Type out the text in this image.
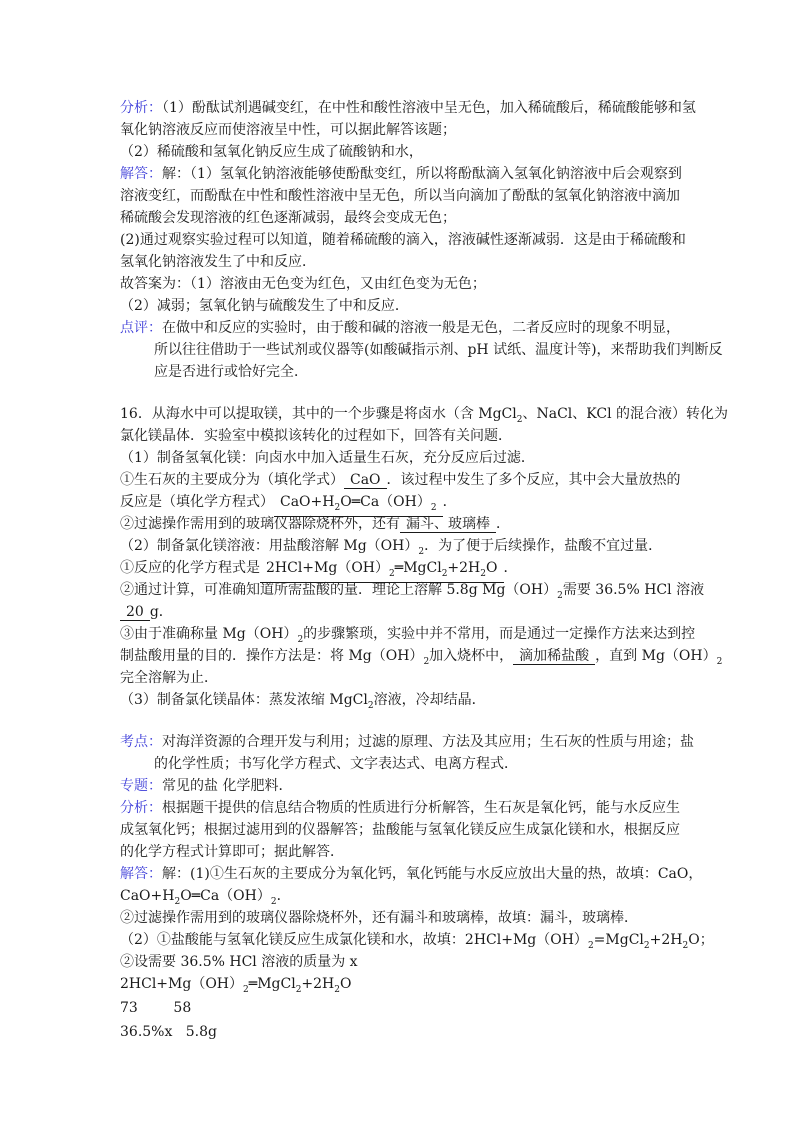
分析：（1）酚酞试剂遇碱变红，在中性和酸性溶液中呈无色，加入稀硫酸后，稀硫酸能够和氢
氧化钠溶液反应而使溶液呈中性，可以据此解答该题；
（2）稀硫酸和氢氧化钠反应生成了硫酸钠和水，
解答：解：（1）氢氧化钠溶液能够使酚酞变红，所以将酚酞滴入氢氧化钠溶液中后会观察到
溶液变红，而酚酞在中性和酸性溶液中呈无色，所以当向滴加了酚酞的氢氧化钠溶液中滴加
稀硫酸会发现溶液的红色逐渐减弱，最终会变成无色；
(2)通过观察实验过程可以知道，随着稀硫酸的滴入，溶液碱性逐渐减弱．这是由于稀硫酸和
氢氧化钠溶液发生了中和反应．
故答案为：（1）溶液由无色变为红色，又由红色变为无色；
（2）减弱；氢氧化钠与硫酸发生了中和反应．
点评：在做中和反应的实验时，由于酸和碱的溶液一般是无色，二者反应时的现象不明显，
所以往往借助于一些试剂或仪器等(如酸碱指示剂、pH 试纸、温度计等)，来帮助我们判断反
应是否进行或恰好完全．
16．从海水中可以提取镁，其中的一个步骤是将卤水（含 MgCl$_2$、NaCl、KCl 的混合液）转化为
氯化镁晶体．实验室中模拟该转化的过程如下，回答有关问题．
（1）制备氢氧化镁：向卤水中加入适量生石灰，充分反应后过滤．
①生石灰的主要成分为（填化学式） CaO ．该过程中发生了多个反应，其中会大量放热的
反应是（填化学方程式） $CaO+H_2O═Ca(OH)_2$ ．
②过滤操作需用到的玻璃仪器除烧杯外，还有 漏斗、玻璃棒 ．
（2）制备氯化镁溶液：用盐酸溶解 $Mg(OH)_2$．为了便于后续操作，盐酸不宜过量．
①反应的化学方程式是 $2HCl+Mg(OH)_2═MgCl_2+2H_2O$ ．
②通过计算，可准确知道所需盐酸的量．理论上溶解 5.8g $Mg(OH)_2$需要 36.5% HCl 溶液
20 g．
③由于准确称量 $Mg(OH)_2$的步骤繁琐，实验中并不常用，而是通过一定操作方法来达到控
制盐酸用量的目的．操作方法是：将 $Mg(OH)_2$加入烧杯中， 滴加稀盐酸 ，直到 $Mg(OH)_2$
完全溶解为止．
（3）制备氯化镁晶体：蒸发浓缩 MgCl$_2$溶液，冷却结晶．
考点：对海洋资源的合理开发与利用；过滤的原理、方法及其应用；生石灰的性质与用途；盐
的化学性质；书写化学方程式、文字表达式、电离方程式．
专题：常见的盐 化学肥料．
分析：根据题干提供的信息结合物质的性质进行分析解答，生石灰是氧化钙，能与水反应生
成氢氧化钙；根据过滤用到的仪器解答；盐酸能与氢氧化镁反应生成氯化镁和水，根据反应
的化学方程式计算即可；据此解答．
解答：解：(1)①生石灰的主要成分为氧化钙，氧化钙能与水反应放出大量的热，故填：CaO，
$CaO+H_2O═Ca(OH)_2$．
②过滤操作需用到的玻璃仪器除烧杯外，还有漏斗和玻璃棒，故填：漏斗，玻璃棒．
（2）①盐酸能与氢氧化镁反应生成氯化镁和水，故填：$2HCl+Mg(OH)_2=MgCl_2+2H_2O$；
②设需要 36.5% HCl 溶液的质量为 x
$2HCl+Mg(OH)_2═MgCl_2+2H_2O$
73        58
36.5%x   5.8g
